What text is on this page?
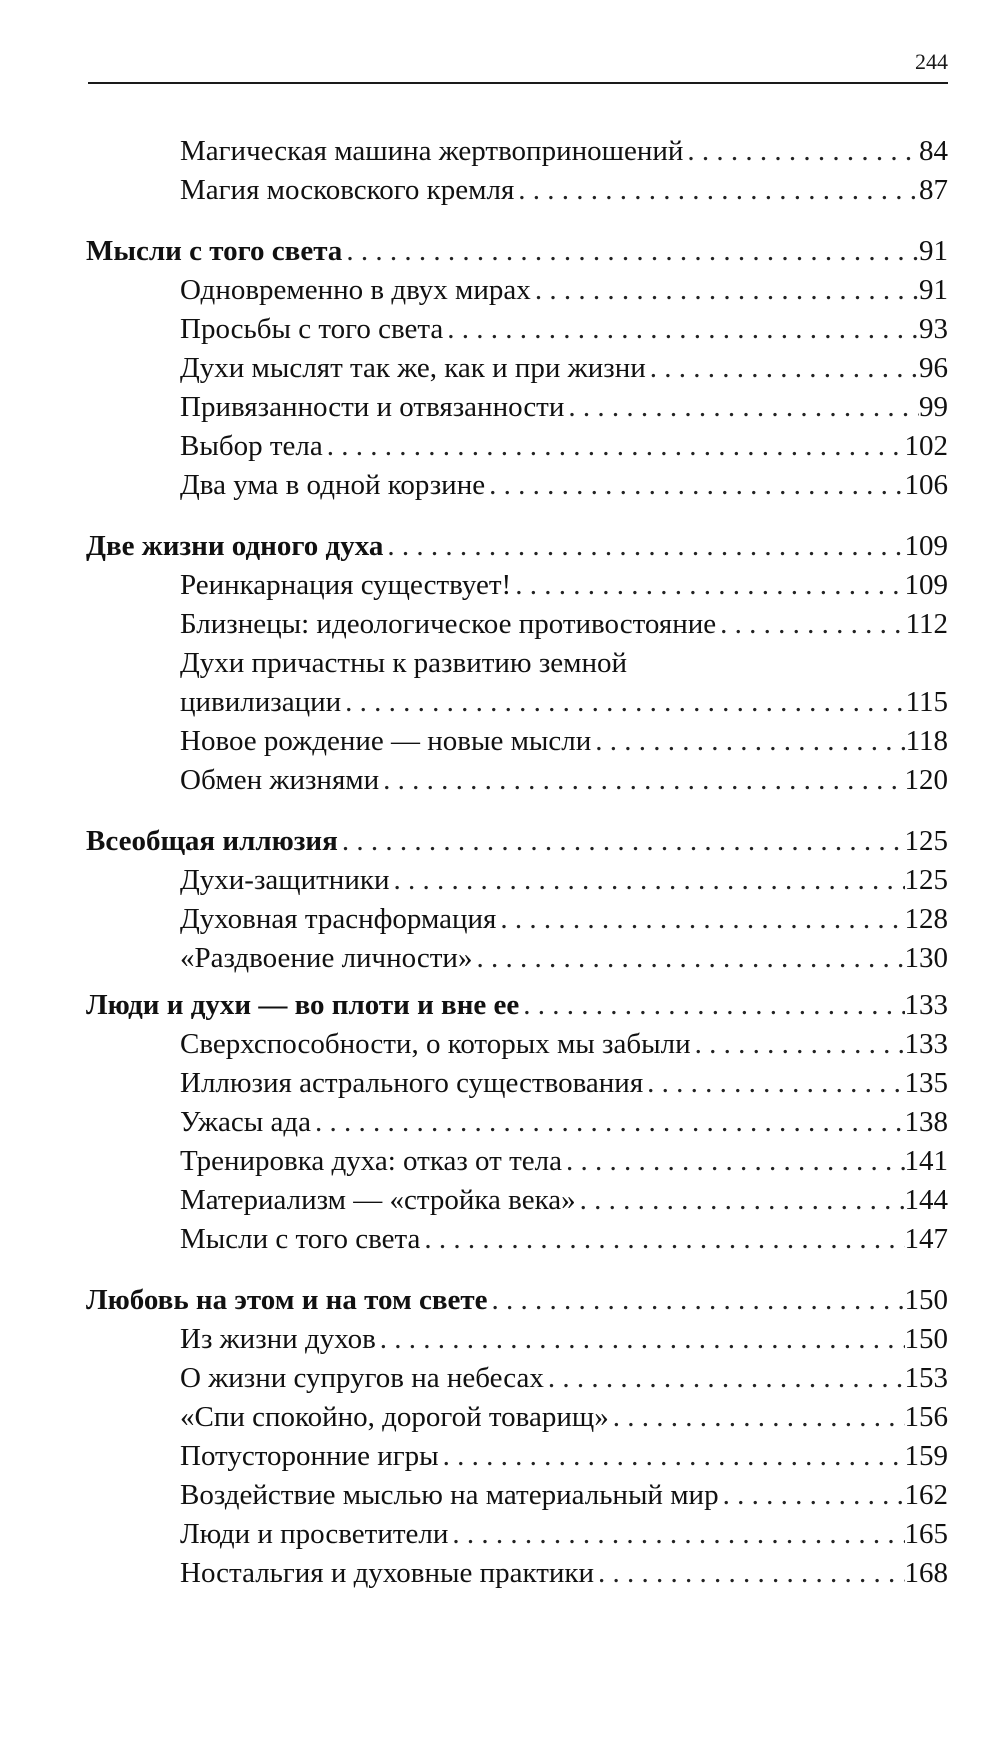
244
Магическая машина жертвоприношений . . .	84
Магия московского кремля . . .	87
Мысли с того света . . .	91
Одновременно в двух мирах . . .	91
Просьбы с того света . . .	93
Духи мыслят так же, как и при жизни . . .	96
Привязанности и отвязанности . . .	99
Выбор тела . . .	102
Два ума в одной корзине . . .	106
Две жизни одного духа . . .	109
Реинкарнация существует! . . .	109
Близнецы: идеологическое противостояние . . .	112
Духи причастны к развитию земной
цивилизации . . .	115
Новое рождение — новые мысли . . .	118
Обмен жизнями . . .	120
Всеобщая иллюзия . . .	125
Духи-защитники . . .	125
Духовная траснформация . . .	128
«Раздвоение личности» . . .	130
Люди и духи — во плоти и вне ее . . .	133
Сверхспособности, о которых мы забыли . . .	133
Иллюзия астрального существования . . .	135
Ужасы ада . . .	138
Тренировка духа: отказ от тела . . .	141
Материализм — «стройка века» . . .	144
Мысли с того света . . .	147
Любовь на этом и на том свете . . .	150
Из жизни духов . . .	150
О жизни супругов на небесах . . .	153
«Спи спокойно, дорогой товарищ» . . .	156
Потусторонние игры . . .	159
Воздействие мыслью на материальный мир . . .	162
Люди и просветители . . .	165
Ностальгия и духовные практики . . .	168
